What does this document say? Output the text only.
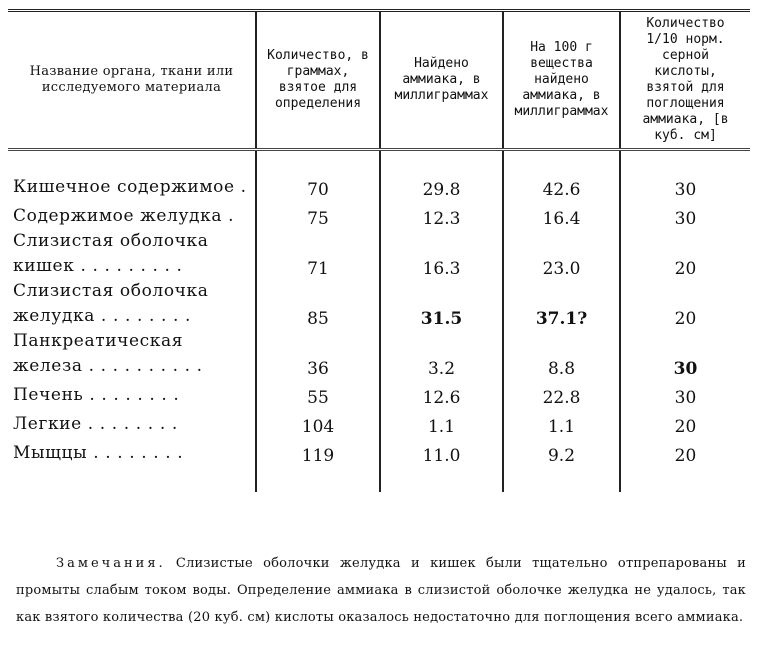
Название органа, ткани или исследуемого материала	Количество, в граммах, взятое для определения	Найдено аммиака, в миллиграммах	На 100 г вещества найдено аммиака, в миллиграммах	Количество 1/10 норм. серной кислоты, взятой для поглощения аммиака, [в куб. см]

Кишечное содержимое .	70	29.8	42.6	30
Содержимое желудка .	75	12.3	16.4	30
Слизистая оболочка кишек . . . . . . . . .	71	16.3	23.0	20
Слизистая оболочка желудка . . . . . . . .	85	31.5	37.1?	20
Панкреатическая железа . . . . . . . . . .	36	3.2	8.8	30
Печень . . . . . . . .	55	12.6	22.8	30
Легкие . . . . . . . .	104	1.1	1.1	20
Мыщцы . . . . . . . .	119	11.0	9.2	20

Замечания. Слизистые оболочки желудка и кишек были тщательно отпрепарованы и промыты слабым током воды. Определение аммиака в слизистой оболочке желудка не удалось, так как взятого количества (20 куб. см) кислоты оказалось недостаточно для поглощения всего аммиака.
